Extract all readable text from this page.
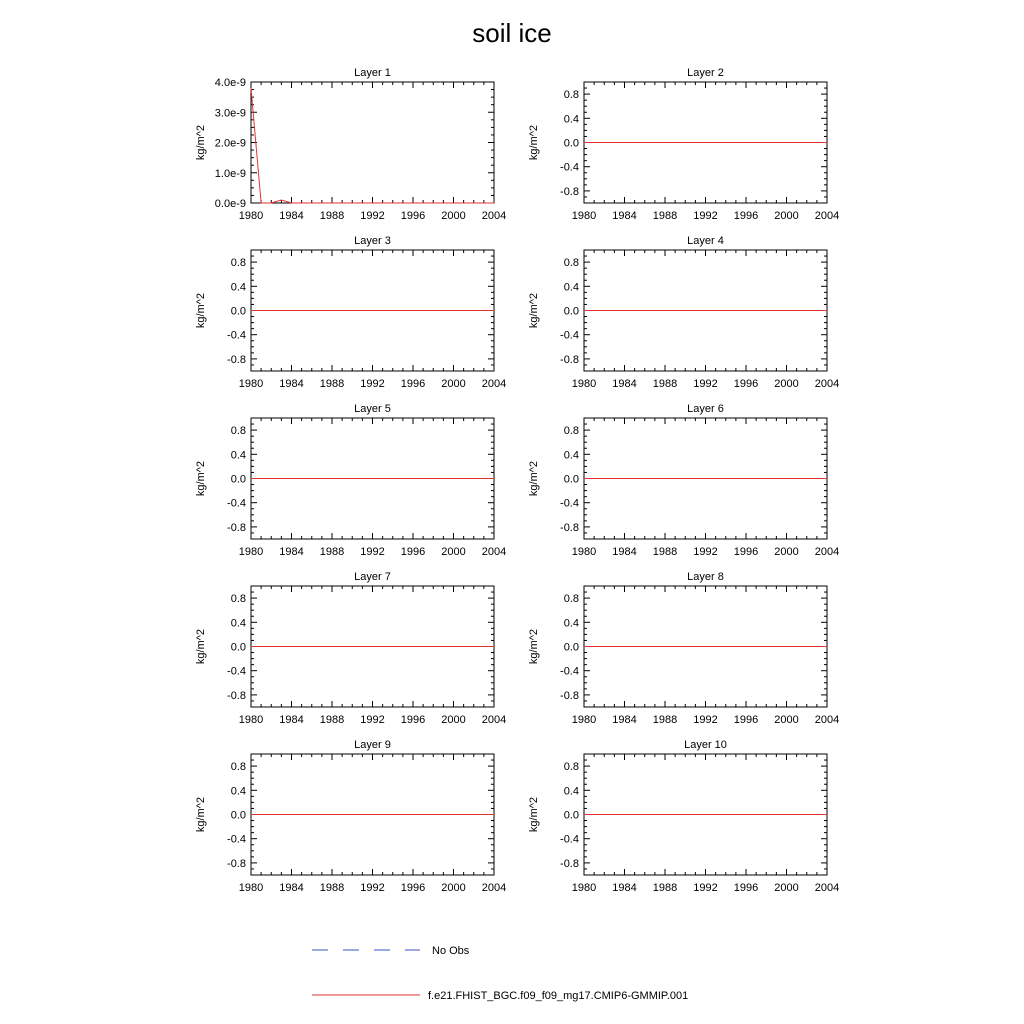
soil ice
Layer 1
kg/m^2
1980 1984 1988 1992 1996 2000 2004
0.0e-9
1.0e-9
2.0e-9
3.0e-9
4.0e-9
Layer 2
kg/m^2
1980 1984 1988 1992 1996 2000 2004
-0.8
-0.4
0.0
0.4
0.8
Layer 3
kg/m^2
1980 1984 1988 1992 1996 2000 2004
-0.8
-0.4
0.0
0.4
0.8
Layer 4
kg/m^2
1980 1984 1988 1992 1996 2000 2004
-0.8
-0.4
0.0
0.4
0.8
Layer 5
kg/m^2
1980 1984 1988 1992 1996 2000 2004
-0.8
-0.4
0.0
0.4
0.8
Layer 6
kg/m^2
1980 1984 1988 1992 1996 2000 2004
-0.8
-0.4
0.0
0.4
0.8
Layer 7
kg/m^2
1980 1984 1988 1992 1996 2000 2004
-0.8
-0.4
0.0
0.4
0.8
Layer 8
kg/m^2
1980 1984 1988 1992 1996 2000 2004
-0.8
-0.4
0.0
0.4
0.8
Layer 9
kg/m^2
1980 1984 1988 1992 1996 2000 2004
-0.8
-0.4
0.0
0.4
0.8
Layer 10
kg/m^2
1980 1984 1988 1992 1996 2000 2004
-0.8
-0.4
0.0
0.4
0.8
No Obs
f.e21.FHIST_BGC.f09_f09_mg17.CMIP6-GMMIP.001
